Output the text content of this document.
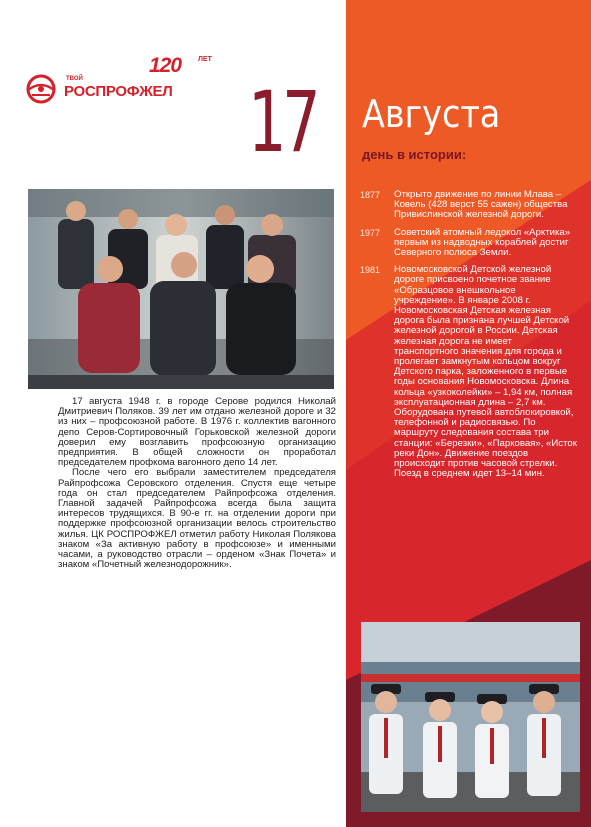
120 ЛЕТ
ТВОЙ
РОСПРОФЖЕЛ 17 Августа
день в истории:

17 августа 1948 г. в городе Серове родился Николай Дмитриевич Поляков. 39 лет им отдано железной дороге и 32 из них – профсоюзной работе. В 1976 г. коллектив вагонного депо Серов-Сортировочный Горьковской железной дороги доверил ему возглавить профсоюзную организацию предприятия. В общей сложности он проработал председателем профкома вагонного депо 14 лет.

После чего его выбрали заместителем председателя Райпрофсожа Серовского отделения. Спустя еще четыре года он стал председателем Райпрофсожа отделения. Главной задачей Райпрофсожа всегда была защита интересов трудящихся. В 90-е гг. на отделении дороги при поддержке профсоюзной организации велось строительство жилья. ЦК РОСПРОФЖЕЛ отметил работу Николая Полякова знаком «За активную работу в профсоюзе» и именными часами, а руководство отрасли – орденом «Знак Почета» и знаком «Почетный железнодорожник».

1877	Открыто движение по линии Млава – Ковель (428 верст 55 сажен) общества Привислинской железной дороги.
1977	Советский атомный ледокол «Арктика» первым из надводных кораблей достиг Северного полюса Земли.
1981	Новомосковской Детской железной дороге присвоено почетное звание «Образцовое внешкольное учреждение». В январе 2008 г. Новомосковская Детская железная дорога была признана лучшей Детской железной дорогой в России. Детская железная дорога не имеет транспортного значения для города и пролегает замкнутым кольцом вокруг Детского парка, заложенного в первые годы основания Новомосковска. Длина кольца «узкоколейки» – 1,94 км, полная эксплуатационная длина – 2,7 км. Оборудована путевой автоблокировкой, телефонной и радиосвязью. По маршруту следования состава три станции: «Березки», «Парковая», «Исток реки Дон». Движение поездов происходит против часовой стрелки. Поезд в среднем идет 13–14 мин.
